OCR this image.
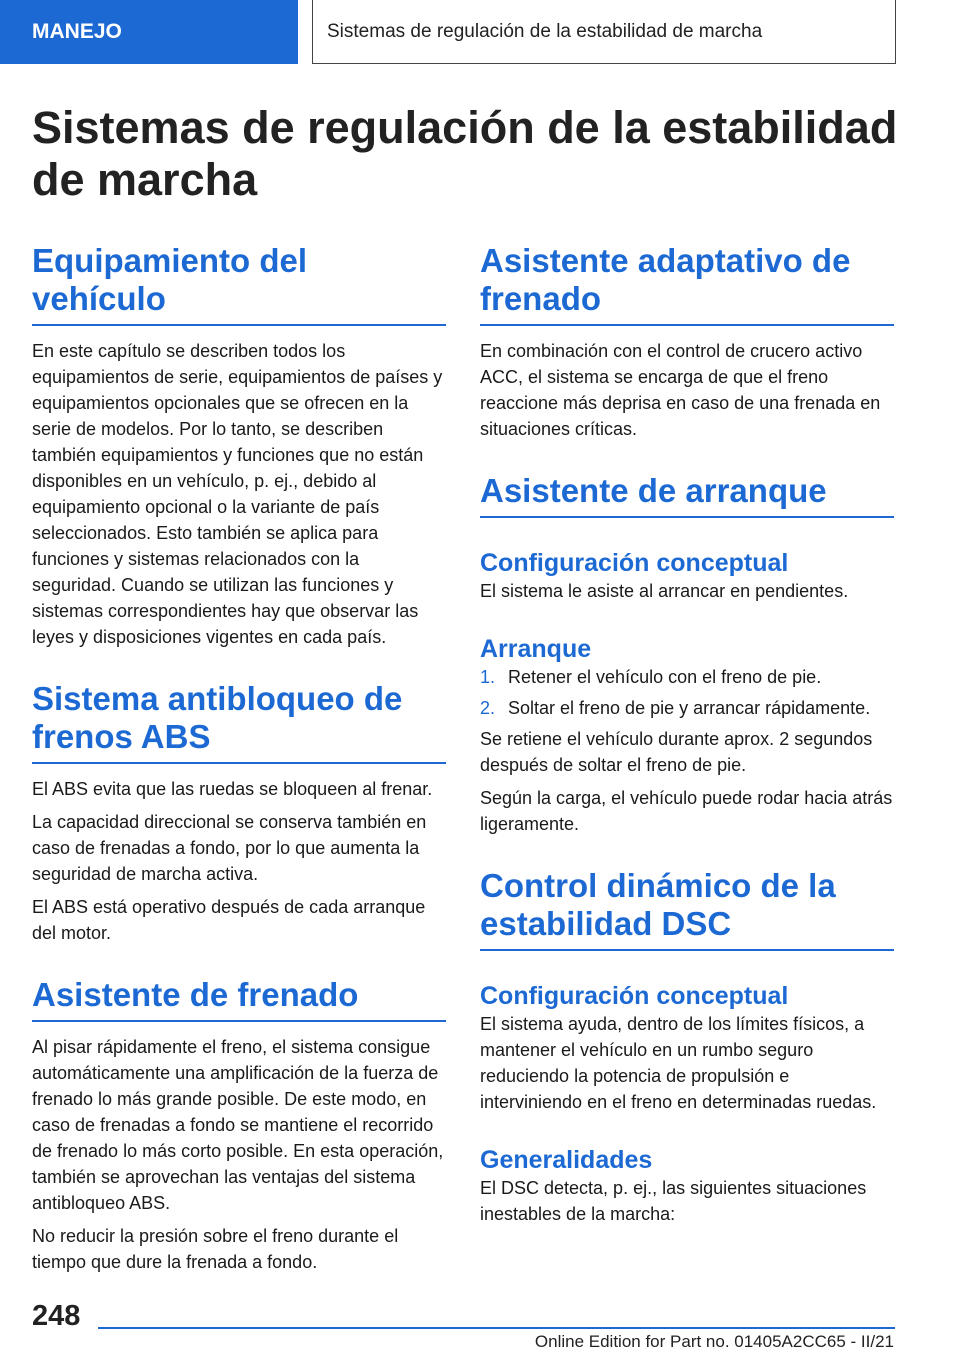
MANEJO	Sistemas de regulación de la estabilidad de marcha
Sistemas de regulación de la estabilidad de marcha
Equipamiento del vehículo

En este capítulo se describen todos los equipamientos de serie, equipamientos de países y equipamientos opcionales que se ofrecen en la serie de modelos. Por lo tanto, se describen también equipamientos y funciones que no están disponibles en un vehículo, p. ej., debido al equipamiento opcional o la variante de país seleccionados. Esto también se aplica para funciones y sistemas relacionados con la seguridad. Cuando se utilizan las funciones y sistemas correspondientes hay que observar las leyes y disposiciones vigentes en cada país.

Sistema antibloqueo de frenos ABS

El ABS evita que las ruedas se bloqueen al frenar.

La capacidad direccional se conserva también en caso de frenadas a fondo, por lo que aumenta la seguridad de marcha activa.

El ABS está operativo después de cada arranque del motor.

Asistente de frenado

Al pisar rápidamente el freno, el sistema consigue automáticamente una amplificación de la fuerza de frenado lo más grande posible. De este modo, en caso de frenadas a fondo se mantiene el recorrido de frenado lo más corto posible. En esta operación, también se aprovechan las ventajas del sistema antibloqueo ABS.

No reducir la presión sobre el freno durante el tiempo que dure la frenada a fondo.

Asistente adaptativo de frenado

En combinación con el control de crucero activo ACC, el sistema se encarga de que el freno reaccione más deprisa en caso de una frenada en situaciones críticas.

Asistente de arranque
Configuración conceptual

El sistema le asiste al arrancar en pendientes.

Arranque
1. Retener el vehículo con el freno de pie.
2. Soltar el freno de pie y arrancar rápidamente.

Se retiene el vehículo durante aprox. 2 segundos después de soltar el freno de pie.

Según la carga, el vehículo puede rodar hacia atrás ligeramente.

Control dinámico de la estabilidad DSC
Configuración conceptual

El sistema ayuda, dentro de los límites físicos, a mantener el vehículo en un rumbo seguro reduciendo la potencia de propulsión e interviniendo en el freno en determinadas ruedas.

Generalidades

El DSC detecta, p. ej., las siguientes situaciones inestables de la marcha:

248
Online Edition for Part no. 01405A2CC65 - II/21
